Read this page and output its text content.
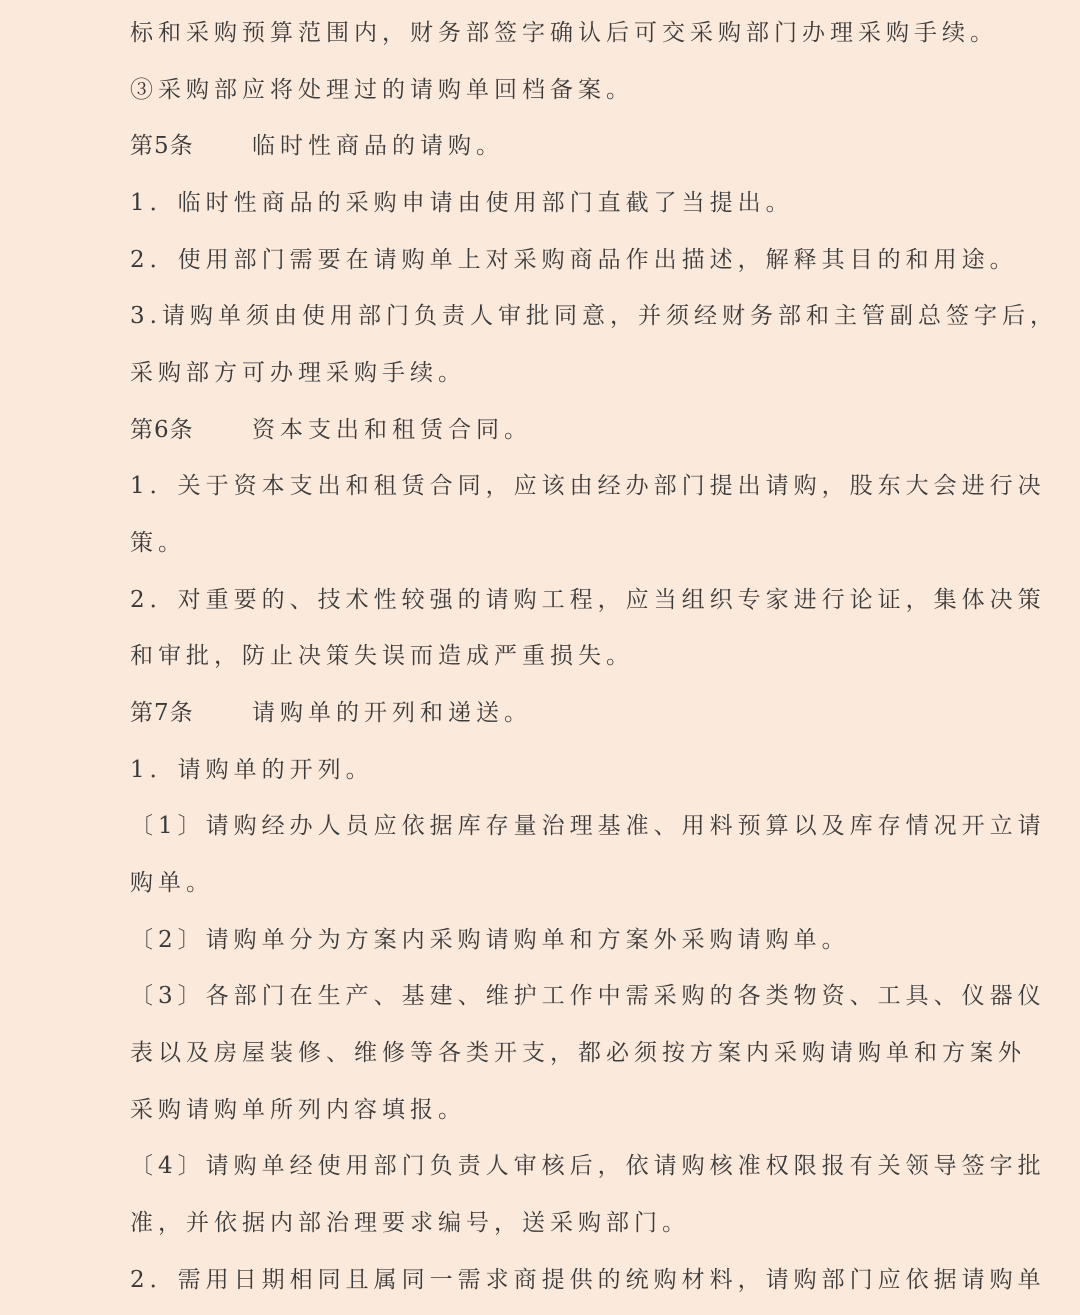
标和采购预算范围内，财务部签字确认后可交采购部门办理采购手续。
③采购部应将处理过的请购单回档备案。
第5条	临时性商品的请购。
1．临时性商品的采购申请由使用部门直截了当提出。
2．使用部门需要在请购单上对采购商品作出描述，解释其目的和用途。
3.请购单须由使用部门负责人审批同意，并须经财务部和主管副总签字后，
采购部方可办理采购手续。
第6条	资本支出和租赁合同。
1．关于资本支出和租赁合同，应该由经办部门提出请购，股东大会进行决
策。
2．对重要的、技术性较强的请购工程，应当组织专家进行论证，集体决策
和审批，防止决策失误而造成严重损失。
第7条	请购单的开列和递送。
1．请购单的开列。
〔1〕请购经办人员应依据库存量治理基准、用料预算以及库存情况开立请
购单。
〔2〕请购单分为方案内采购请购单和方案外采购请购单。
〔3〕各部门在生产、基建、维护工作中需采购的各类物资、工具、仪器仪
表以及房屋装修、维修等各类开支，都必须按方案内采购请购单和方案外
采购请购单所列内容填报。
〔4〕请购单经使用部门负责人审核后，依请购核准权限报有关领导签字批
准，并依据内部治理要求编号，送采购部门。
2．需用日期相同且属同一需求商提供的统购材料，请购部门应依据请购单
